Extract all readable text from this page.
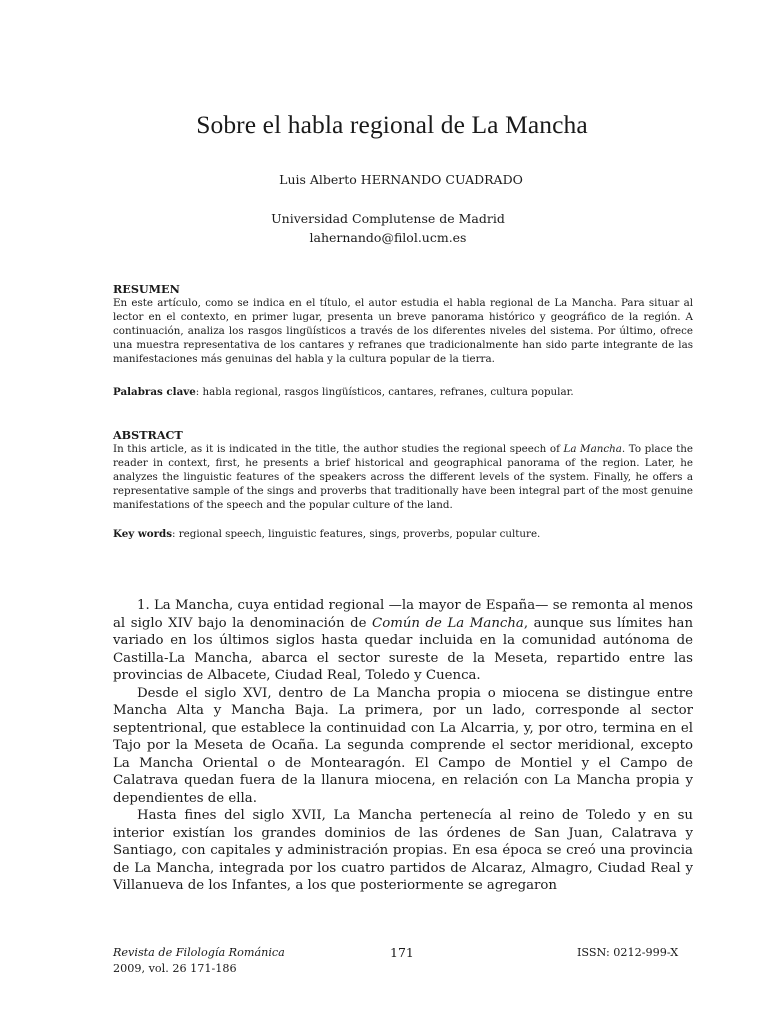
Sobre el habla regional de La Mancha
Luis Alberto HERNANDO CUADRADO
Universidad Complutense de Madrid
lahernando@filol.ucm.es

RESUMEN

En este artículo, como se indica en el título, el autor estudia el habla regional de La Mancha. Para situar al lector en el contexto, en primer lugar, presenta un breve panorama histórico y geográfico de la región. A continuación, analiza los rasgos lingüísticos a través de los diferentes niveles del sistema. Por último, ofrece una muestra representativa de los cantares y refranes que tradicionalmente han sido parte integrante de las manifestaciones más genuinas del habla y la cultura popular de la tierra.

Palabras clave: habla regional, rasgos lingüísticos, cantares, refranes, cultura popular.

ABSTRACT

In this article, as it is indicated in the title, the author studies the regional speech of La Mancha. To place the reader in context, first, he presents a brief historical and geographical panorama of the region. Later, he analyzes the linguistic features of the speakers across the different levels of the system. Finally, he offers a representative sample of the sings and proverbs that traditionally have been integral part of the most genuine manifestations of the speech and the popular culture of the land.

Key words: regional speech, linguistic features, sings, proverbs, popular culture.

1. La Mancha, cuya entidad regional —la mayor de España— se remonta al menos al siglo XIV bajo la denominación de Común de La Mancha, aunque sus límites han variado en los últimos siglos hasta quedar incluida en la comunidad autónoma de Castilla-La Mancha, abarca el sector sureste de la Meseta, repartido entre las provincias de Albacete, Ciudad Real, Toledo y Cuenca.

Desde el siglo XVI, dentro de La Mancha propia o miocena se distingue entre Mancha Alta y Mancha Baja. La primera, por un lado, corresponde al sector septentrional, que establece la continuidad con La Alcarria, y, por otro, termina en el Tajo por la Meseta de Ocaña. La segunda comprende el sector meridional, excepto La Mancha Oriental o de Montearagón. El Campo de Montiel y el Campo de Calatrava quedan fuera de la llanura miocena, en relación con La Mancha propia y dependientes de ella.

Hasta fines del siglo XVII, La Mancha pertenecía al reino de Toledo y en su interior existían los grandes dominios de las órdenes de San Juan, Calatrava y Santiago, con capitales y administración propias. En esa época se creó una provincia de La Mancha, integrada por los cuatro partidos de Alcaraz, Almagro, Ciudad Real y Villanueva de los Infantes, a los que posteriormente se agregaron

Revista de Filología Románica
2009, vol. 26 171-186
171	ISSN: 0212-999-X
